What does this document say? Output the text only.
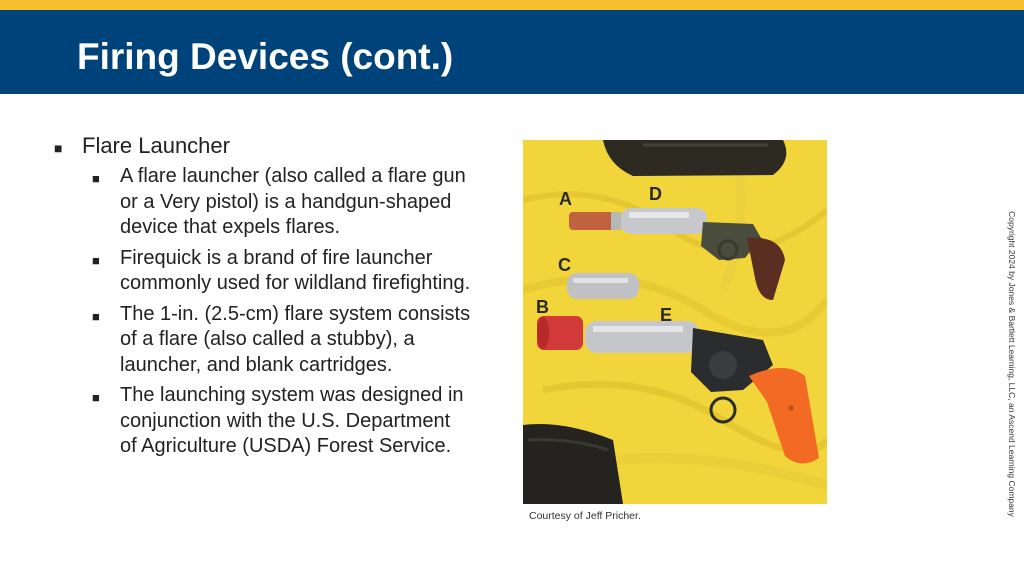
Firing Devices (cont.)
■ Flare Launcher
■ A flare launcher (also called a flare gun or a Very pistol) is a handgun-shaped device that expels flares.
■ Firequick is a brand of fire launcher commonly used for wildland firefighting.
■ The 1-in. (2.5-cm) flare system consists of a flare (also called a stubby), a launcher, and blank cartridges.
■ The launching system was designed in conjunction with the U.S. Department of Agriculture (USDA) Forest Service.
Courtesy of Jeff Pricher.	Copyright 2024 by Jones & Bartlett Learning, LLC, an Ascend Learning Company
A	D
C
B	E
